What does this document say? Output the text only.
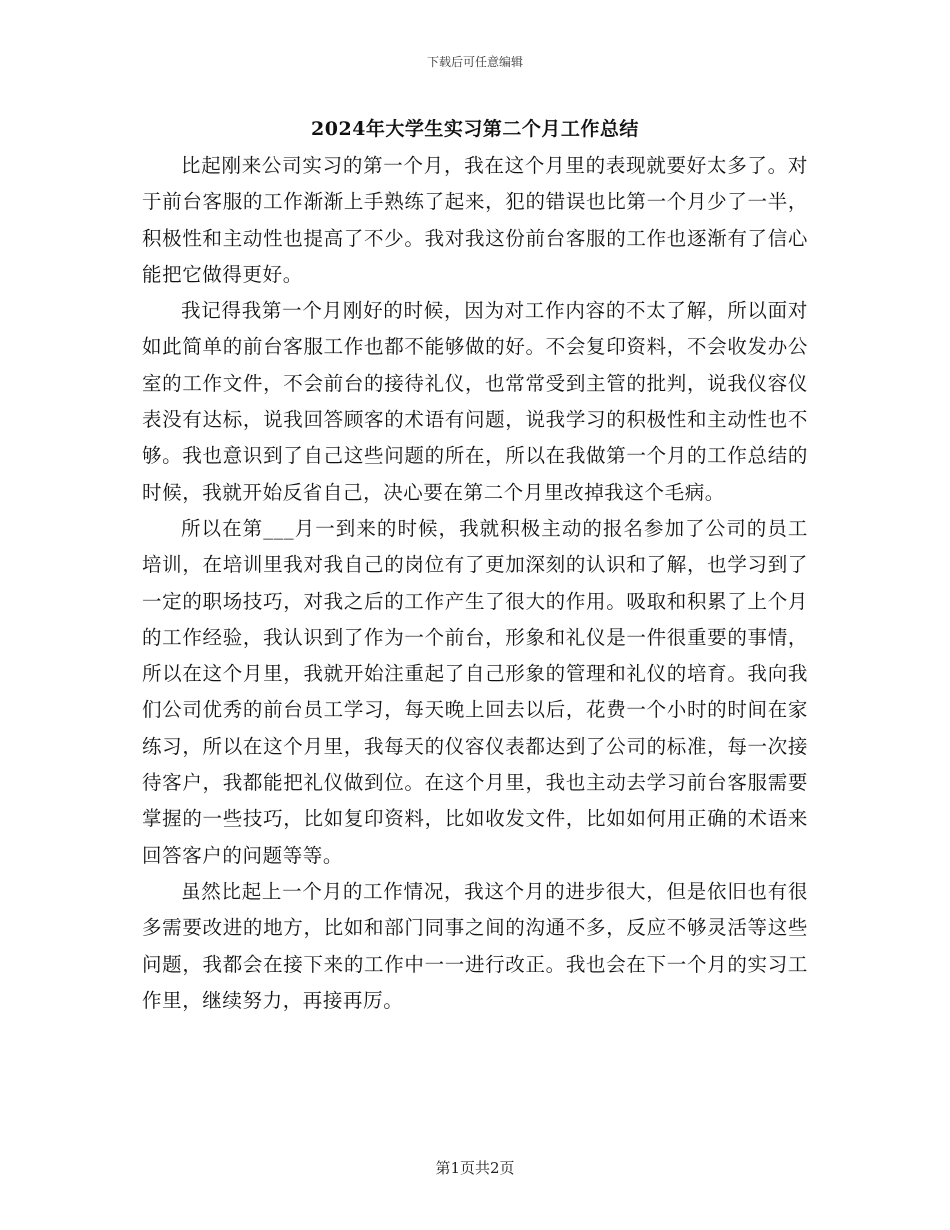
下载后可任意编辑
2024年大学生实习第二个月工作总结

比起刚来公司实习的第一个月，我在这个月里的表现就要好太多了。对于前台客服的工作渐渐上手熟练了起来，犯的错误也比第一个月少了一半，积极性和主动性也提高了不少。我对我这份前台客服的工作也逐渐有了信心能把它做得更好。

我记得我第一个月刚好的时候，因为对工作内容的不太了解，所以面对如此简单的前台客服工作也都不能够做的好。不会复印资料，不会收发办公室的工作文件，不会前台的接待礼仪，也常常受到主管的批判，说我仪容仪表没有达标，说我回答顾客的术语有问题，说我学习的积极性和主动性也不够。我也意识到了自己这些问题的所在，所以在我做第一个月的工作总结的时候，我就开始反省自己，决心要在第二个月里改掉我这个毛病。

所以在第___月一到来的时候，我就积极主动的报名参加了公司的员工培训，在培训里我对我自己的岗位有了更加深刻的认识和了解，也学习到了一定的职场技巧，对我之后的工作产生了很大的作用。吸取和积累了上个月的工作经验，我认识到了作为一个前台，形象和礼仪是一件很重要的事情，所以在这个月里，我就开始注重起了自己形象的管理和礼仪的培育。我向我们公司优秀的前台员工学习，每天晚上回去以后，花费一个小时的时间在家练习，所以在这个月里，我每天的仪容仪表都达到了公司的标准，每一次接待客户，我都能把礼仪做到位。在这个月里，我也主动去学习前台客服需要掌握的一些技巧，比如复印资料，比如收发文件，比如如何用正确的术语来回答客户的问题等等。

虽然比起上一个月的工作情况，我这个月的进步很大，但是依旧也有很多需要改进的地方，比如和部门同事之间的沟通不多，反应不够灵活等这些问题，我都会在接下来的工作中一一进行改正。我也会在下一个月的实习工作里，继续努力，再接再厉。

第1页共2页
